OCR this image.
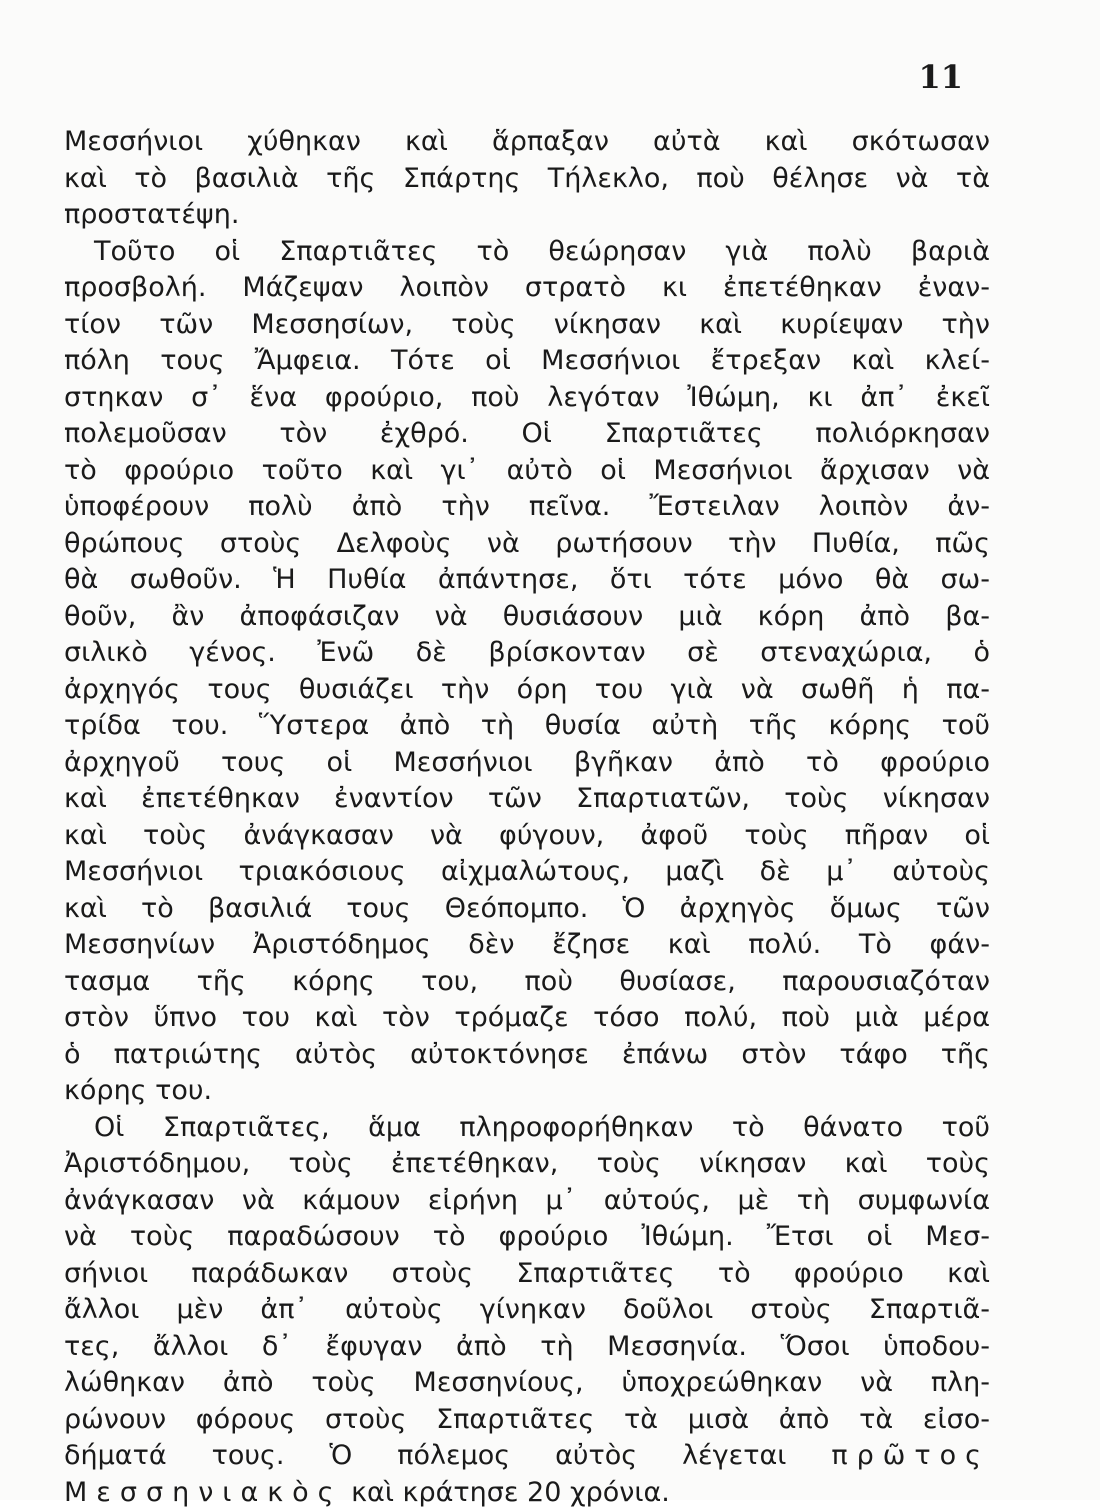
11
Μεσσήνιοι χύθηκαν καὶ ἅρπαξαν αὐτὰ καὶ σκότωσαν
καὶ τὸ βασιλιὰ τῆς Σπάρτης Τήλεκλο, ποὺ θέλησε νὰ τὰ
προστατέψη.
Τοῦτο οἱ Σπαρτιᾶτες τὸ θεώρησαν γιὰ πολὺ βαριὰ
προσβολή. Μάζεψαν λοιπὸν στρατὸ κι ἐπετέθηκαν ἐναν-
τίον τῶν Μεσσησίων, τοὺς νίκησαν καὶ κυρίεψαν τὴν
πόλη τους Ἄμφεια. Τότε οἱ Μεσσήνιοι ἔτρεξαν καὶ κλεί-
στηκαν σ᾿ ἕνα φρούριο, ποὺ λεγόταν Ἰθώμη, κι ἀπ᾿ ἐκεῖ
πολεμοῦσαν τὸν ἐχθρό. Οἱ Σπαρτιᾶτες πολιόρκησαν
τὸ φρούριο τοῦτο καὶ γι᾿ αὐτὸ οἱ Μεσσήνιοι ἄρχισαν νὰ
ὑποφέρουν πολὺ ἀπὸ τὴν πεῖνα. Ἔστειλαν λοιπὸν ἀν-
θρώπους στοὺς Δελφοὺς νὰ ρωτήσουν τὴν Πυθία, πῶς
θὰ σωθοῦν. Ἡ Πυθία ἀπάντησε, ὅτι τότε μόνο θὰ σω-
θοῦν, ἂν ἀποφάσιζαν νὰ θυσιάσουν μιὰ κόρη ἀπὸ βα-
σιλικὸ γένος. Ἐνῶ δὲ βρίσκονταν σὲ στεναχώρια, ὁ
ἀρχηγός τους θυσιάζει τὴν όρη του γιὰ νὰ σωθῆ ἡ πα-
τρίδα του. Ὕστερα ἀπὸ τὴ θυσία αὐτὴ τῆς κόρης τοῦ
ἀρχηγοῦ τους οἱ Μεσσήνιοι βγῆκαν ἀπὸ τὸ φρούριο
καὶ ἐπετέθηκαν ἐναντίον τῶν Σπαρτιατῶν, τοὺς νίκησαν
καὶ τοὺς ἀνάγκασαν νὰ φύγουν, ἀφοῦ τοὺς πῆραν οἱ
Μεσσήνιοι τριακόσιους αἰχμαλώτους, μαζὶ δὲ μ᾿ αὐτοὺς
καὶ τὸ βασιλιά τους Θεόπομπο. Ὁ ἀρχηγὸς ὅμως τῶν
Μεσσηνίων Ἀριστόδημος δὲν ἔζησε καὶ πολύ. Τὸ φάν-
τασμα τῆς κόρης του, ποὺ θυσίασε, παρουσιαζόταν
στὸν ὕπνο του καὶ τὸν τρόμαζε τόσο πολύ, ποὺ μιὰ μέρα
ὁ πατριώτης αὐτὸς αὐτοκτόνησε ἐπάνω στὸν τάφο τῆς
κόρης του.
Οἱ Σπαρτιᾶτες, ἅμα πληροφορήθηκαν τὸ θάνατο τοῦ
Ἀριστόδημου, τοὺς ἐπετέθηκαν, τοὺς νίκησαν καὶ τοὺς
ἀνάγκασαν νὰ κάμουν εἰρήνη μ᾿ αὐτούς, μὲ τὴ συμφωνία
νὰ τοὺς παραδώσουν τὸ φρούριο Ἰθώμη. Ἔτσι οἱ Μεσ-
σήνιοι παράδωκαν στοὺς Σπαρτιᾶτες τὸ φρούριο καὶ
ἄλλοι μὲν ἀπ᾿ αὐτοὺς γίνηκαν δοῦλοι στοὺς Σπαρτιᾶ-
τες, ἄλλοι δ᾿ ἔφυγαν ἀπὸ τὴ Μεσσηνία. Ὅσοι ὑποδου-
λώθηκαν ἀπὸ τοὺς Μεσσηνίους, ὑποχρεώθηκαν νὰ πλη-
ρώνουν φόρους στοὺς Σπαρτιᾶτες τὰ μισὰ ἀπὸ τὰ εἰσο-
δήματά τους. Ὁ πόλεμος αὐτὸς λέγεται πρῶτος
Μεσσηνιακὸς καὶ κράτησε 20 χρόνια.
